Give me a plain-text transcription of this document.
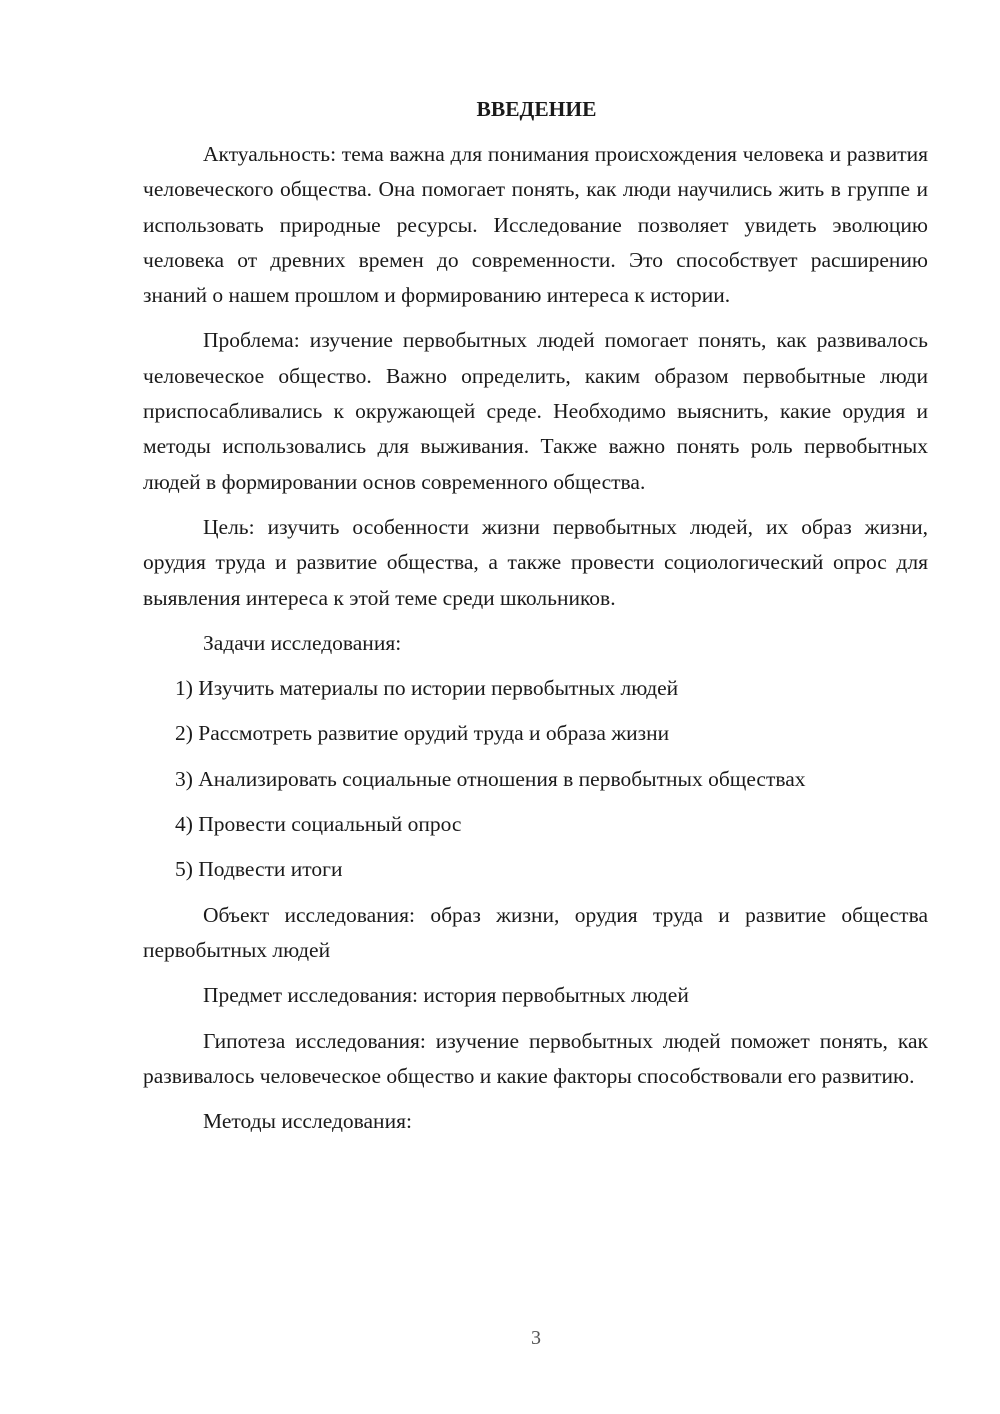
ВВЕДЕНИЕ

Актуальность: тема важна для понимания происхождения человека и развития человеческого общества. Она помогает понять, как люди научились жить в группе и использовать природные ресурсы. Исследование позволяет увидеть эволюцию человека от древних времен до современности. Это способствует расширению знаний о нашем прошлом и формированию интереса к истории.

Проблема: изучение первобытных людей помогает понять, как развивалось человеческое общество. Важно определить, каким образом первобытные люди приспосабливались к окружающей среде. Необходимо выяснить, какие орудия и методы использовались для выживания. Также важно понять роль первобытных людей в формировании основ современного общества.

Цель: изучить особенности жизни первобытных людей, их образ жизни, орудия труда и развитие общества, а также провести социологический опрос для выявления интереса к этой теме среди школьников.

Задачи исследования:

1) Изучить материалы по истории первобытных людей
2) Рассмотреть развитие орудий труда и образа жизни
3) Анализировать социальные отношения в первобытных обществах
4) Провести социальный опрос
5) Подвести итоги

Объект исследования: образ жизни, орудия труда и развитие общества первобытных людей

Предмет исследования: история первобытных людей

Гипотеза исследования: изучение первобытных людей поможет понять, как развивалось человеческое общество и какие факторы способствовали его развитию.

Методы исследования:

3
